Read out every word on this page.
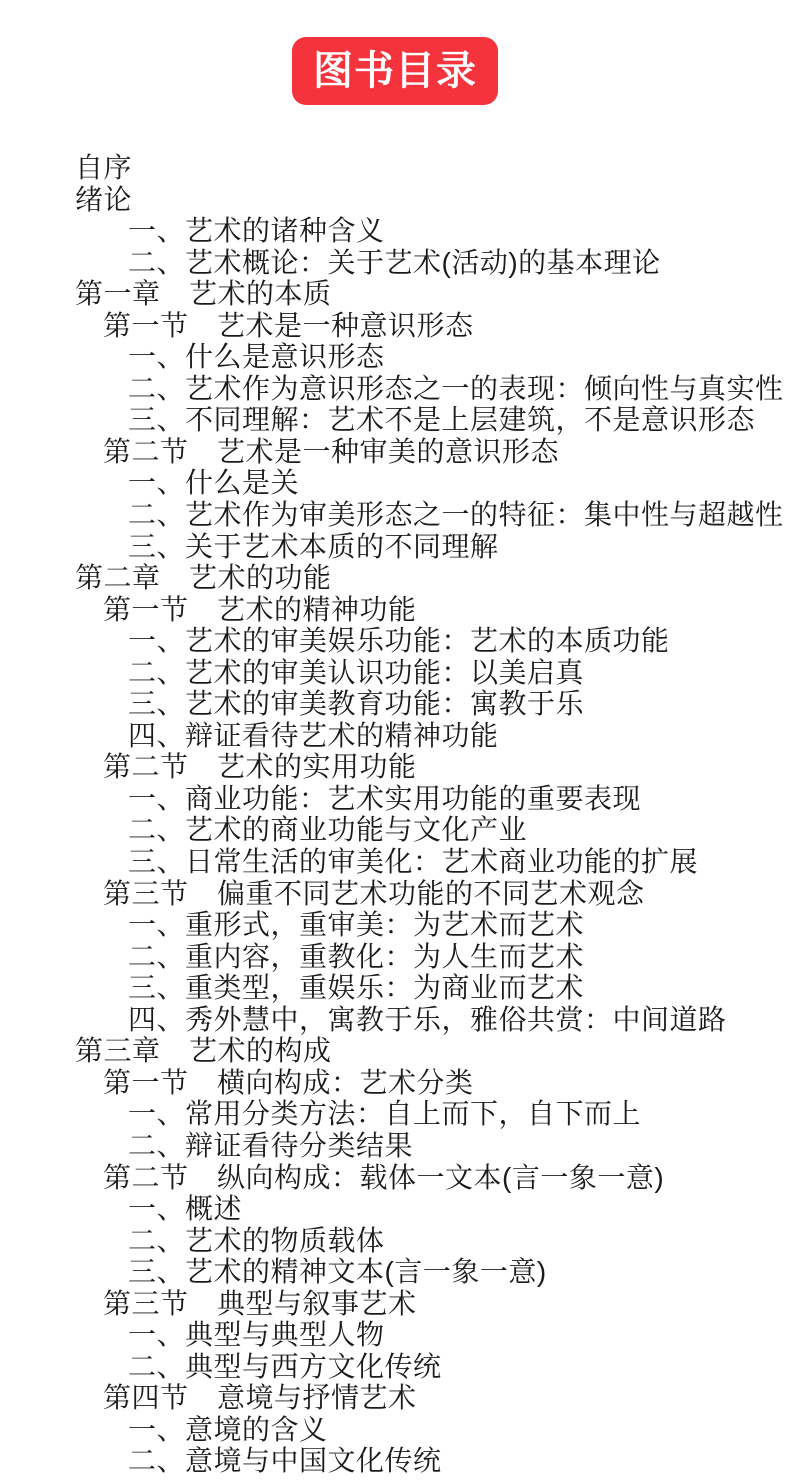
图书目录
自序
绪论
一、艺术的诸种含义
二、艺术概论：关于艺术(活动)的基本理论
第一章　艺术的本质
第一节　艺术是一种意识形态
一、什么是意识形态
二、艺术作为意识形态之一的表现：倾向性与真实性
三、不同理解：艺术不是上层建筑，不是意识形态
第二节　艺术是一种审美的意识形态
一、什么是关
二、艺术作为审美形态之一的特征：集中性与超越性
三、关于艺术本质的不同理解
第二章　艺术的功能
第一节　艺术的精神功能
一、艺术的审美娱乐功能：艺术的本质功能
二、艺术的审美认识功能：以美启真
三、艺术的审美教育功能：寓教于乐
四、辩证看待艺术的精神功能
第二节　艺术的实用功能
一、商业功能：艺术实用功能的重要表现
二、艺术的商业功能与文化产业
三、日常生活的审美化：艺术商业功能的扩展
第三节　偏重不同艺术功能的不同艺术观念
一、重形式，重审美：为艺术而艺术
二、重内容，重教化：为人生而艺术
三、重类型，重娱乐：为商业而艺术
四、秀外慧中，寓教于乐，雅俗共赏：中间道路
第三章　艺术的构成
第一节　横向构成：艺术分类
一、常用分类方法：自上而下，自下而上
二、辩证看待分类结果
第二节　纵向构成：载体一文本(言一象一意)
一、概述
二、艺术的物质载体
三、艺术的精神文本(言一象一意)
第三节　典型与叙事艺术
一、典型与典型人物
二、典型与西方文化传统
第四节　意境与抒情艺术
一、意境的含义
二、意境与中国文化传统
